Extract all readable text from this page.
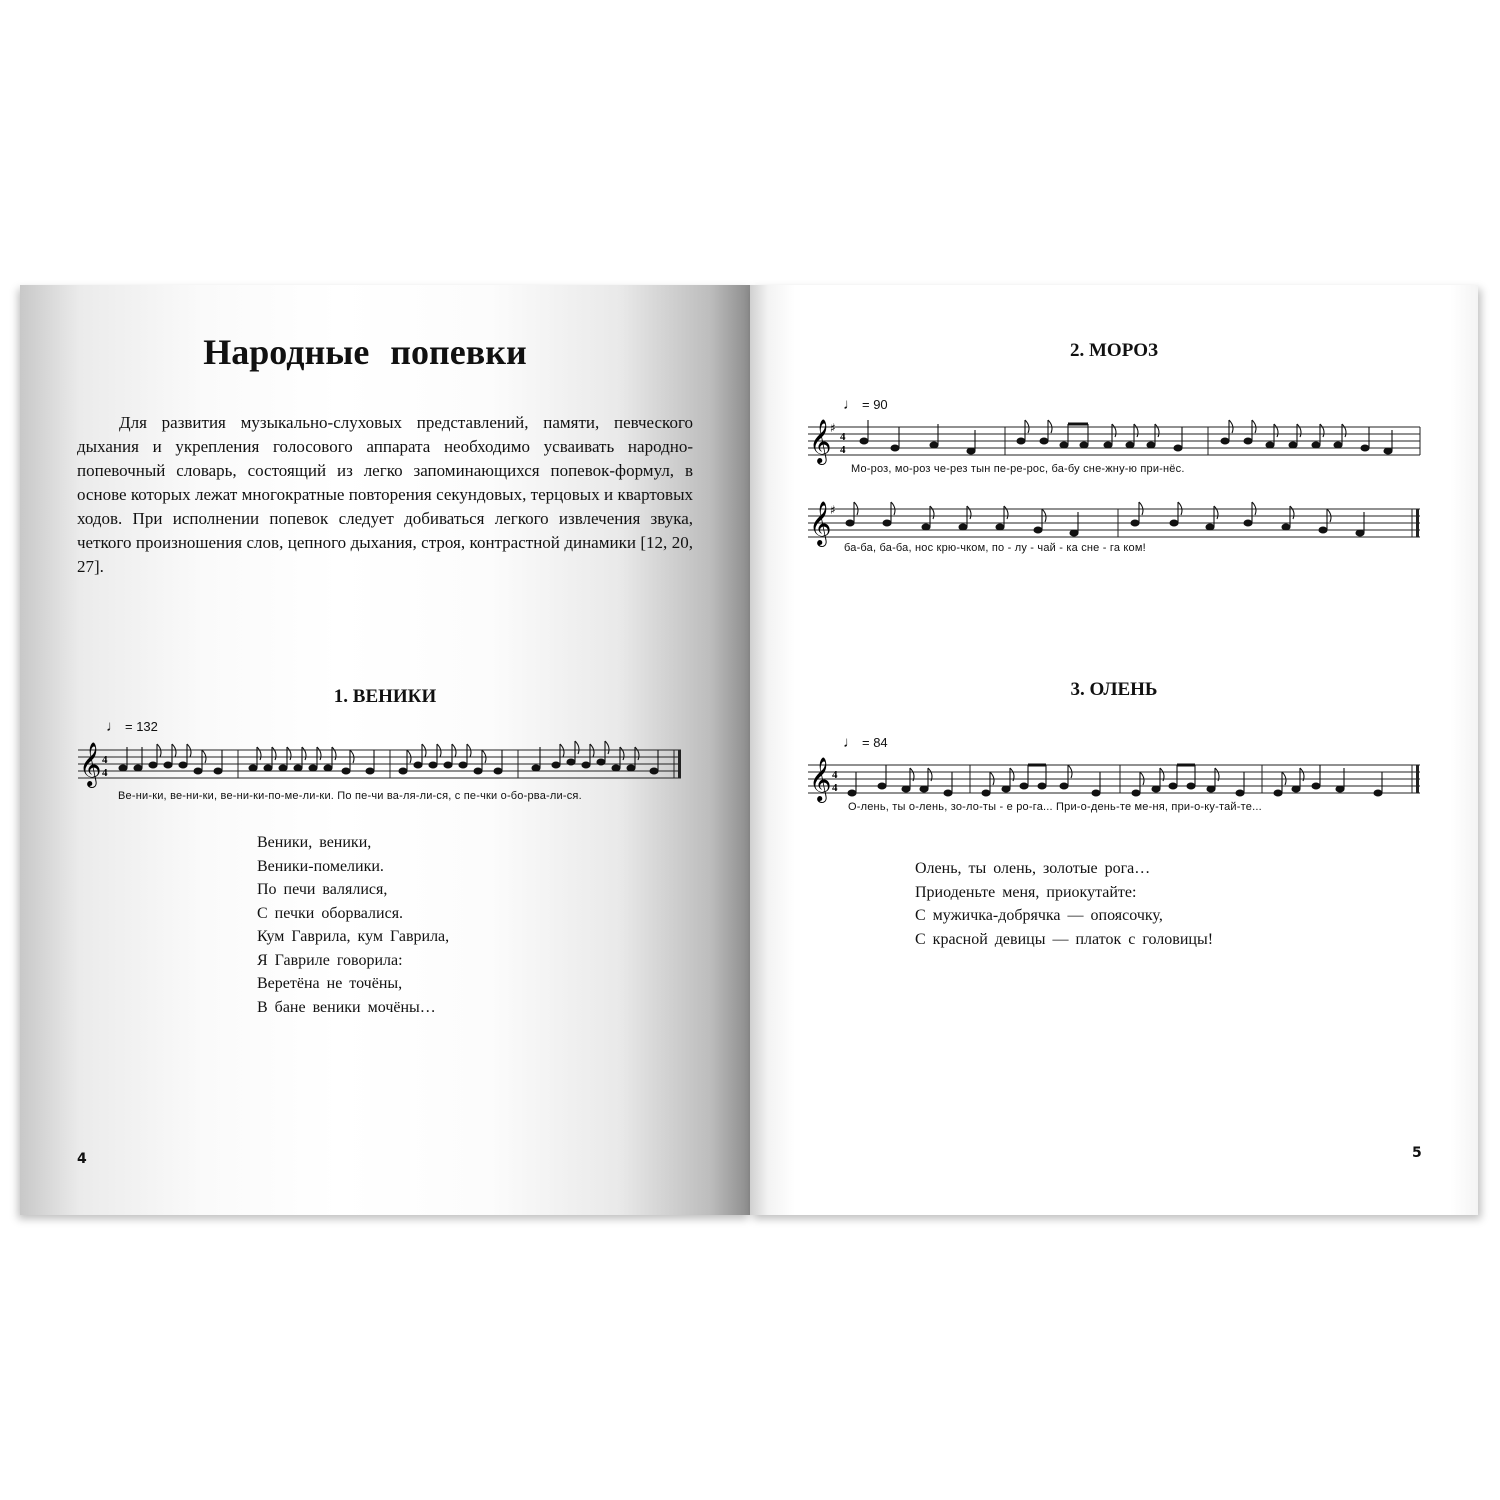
Народные попевки

Для развития музыкально-слуховых представлений, памяти, певческого дыхания и укрепления голосового аппарата необходимо усваивать народно-попевочный словарь, состоящий из легко запоминающихся попевок-формул, в основе которых лежат многократные повторения секундовых, терцовых и квартовых ходов. При исполнении попевок следует добиваться легкого извлечения звука, четкого произношения слов, цепного дыхания, строя, контрастной динамики [12, 20, 27].

1. ВЕНИКИ
♩ = 132
𝄞 4
4

Ве-ни-ки, ве-ни-ки, ве-ни-ки-по-ме-ли-ки. По пе-чи ва-ля-ли-ся, с пе-чки о-бо-рва-ли-ся.

Веники, веники,
Веники-помелики.
По печи валялися,
С печки оборвалися.
Кум Гаврила, кум Гаврила,
Я Гавриле говорила:
Веретёна не точёны,
В бане веники мочёны…
4
2. МОРОЗ
♩ = 90
𝄞
♯
4
4

Мо-роз, мо-роз че-рез тын пе-ре-рос, ба-бу сне-жну-ю при-нёс.

𝄞
♯

ба-ба, ба-ба, нос крю-чком, по - лу - чай - ка сне - га ком!

3. ОЛЕНЬ
♩ = 84
𝄞 4
4

О-лень, ты о-лень, зо-ло-ты - е ро-га... При-о-день-те ме-ня, при-о-ку-тай-те...

Олень, ты олень, золотые рога…
Приоденьте меня, приокутайте:
С мужичка-добрячка — опоясочку,
С красной девицы — платок с головицы!
5
